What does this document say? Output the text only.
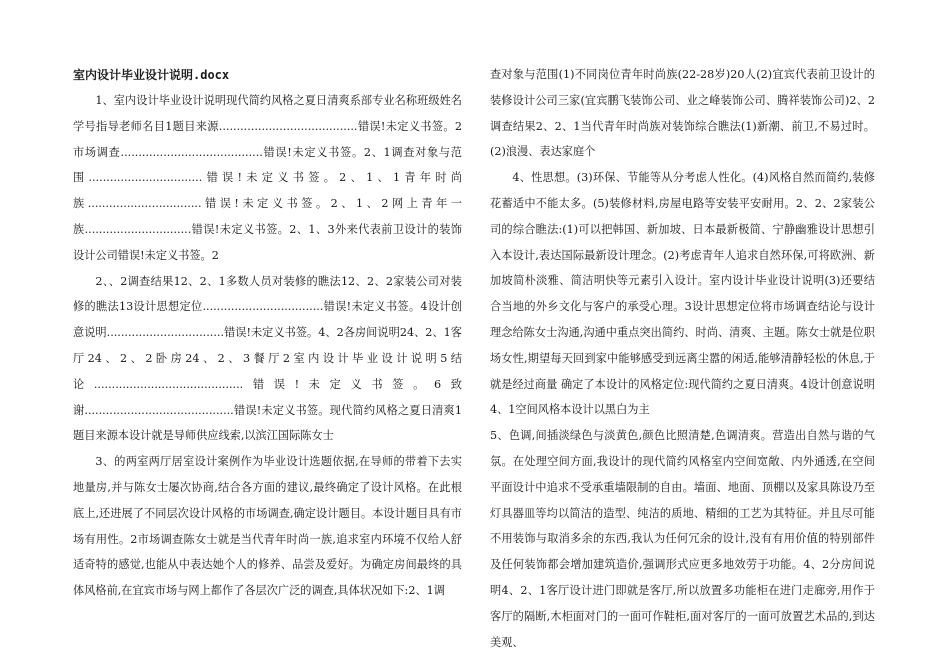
室内设计毕业设计说明.docx

1、室内设计毕业设计说明现代简约风格之夏日清爽系部专业名称班级姓名学号指导老师名目1题目来源.......................................错误!未定义书签。2市场调查........................................错误!未定义书签。2、1调查对象与范围................................错误!未定义书签。2、1、1青年时尚族................................错误!未定义书签。2、1、2网上青年一族..............................错误!未定义书签。2、1、3外来代表前卫设计的装饰设计公司错误!未定义书签。2

2、、2调查结果12、2、1多数人员对装修的瞧法12、2、2家装公司对装修的瞧法13设计思想定位..................................错误!未定义书签。4设计创意说明.................................错误!未定义书签。4、2各房间说明24、2、1客厅24、2、2卧房24、2、3餐厅2室内设计毕业设计说明5结论..........................................错误!未定义书签。6致谢..........................................错误!未定义书签。现代简约风格之夏日清爽1题目来源本设计就是导师供应线索,以滨江国际陈女士

3、的两室两厅居室设计案例作为毕业设计选题依据,在导师的带着下去实地量房,并与陈女士屡次协商,结合各方面的建议,最终确定了设计风格。在此根底上,还进展了不同层次设计风格的市场调查,确定设计题目。本设计题目具有市场有用性。2市场调查陈女士就是当代青年时尚一族,追求室内环境不仅给人舒适奇特的感觉,也能从中表达她个人的修养、品尝及爱好。为确定房间最终的具体风格前,在宜宾市场与网上都作了各层次广泛的调查,具体状况如下:2、1调

查对象与范围(1)不同岗位青年时尚族(22-28岁)20人(2)宜宾代表前卫设计的装修设计公司三家(宜宾鹏飞装饰公司、业之峰装饰公司、腾祥装饰公司)2、2调查结果2、2、1当代青年时尚族对装饰综合瞧法(1)新潮、前卫,不易过时。(2)浪漫、表达家庭个

4、性思想。(3)环保、节能等从分考虑人性化。(4)风格自然而简约,装修花蓄适中不能太多。(5)装修材料,房屋电路等安装平安耐用。2、2、2家装公司的综合瞧法:(1)可以把韩国、新加坡、日本最新极简、宁静幽雅设计思想引入本设计,表达国际最新设计理念。(2)考虑青年人追求自然环保,可将欧洲、新加坡简朴淡雅、简洁明快等元素引入设计。室内设计毕业设计说明(3)还要结合当地的外乡文化与客户的承受心理。3设计思想定位将市场调查结论与设计理念给陈女士沟通,沟通中重点突出简约、时尚、清爽、主题。陈女士就是位职场女性,期望每天回到家中能够感受到远离尘嚣的闲适,能够清静轻松的休息,于就是经过商量 确定了本设计的风格定位:现代简约之夏日清爽。4设计创意说明4、1空间风格本设计以黑白为主

5、色调,间插淡绿色与淡黄色,颜色比照清楚,色调清爽。营造出自然与谐的气氛。在处理空间方面,我设计的现代简约风格室内空间宽敞、内外通透,在空间平面设计中追求不受承重墙限制的自由。墙面、地面、顶棚以及家具陈设乃至灯具器皿等均以简洁的造型、纯洁的质地、精细的工艺为其特征。并且尽可能不用装饰与取消多余的东西,我认为任何冗余的设计,没有有用价值的特别部件及任何装饰都会增加建筑造价,强调形式应更多地效劳于功能。4、2分房间说明4、2、1客厅设计进门即就是客厅,所以放置多功能柜在进门走廊旁,用作于客厅的隔断,木柜面对门的一面可作鞋柜,面对客厅的一面可放置艺术品的,到达美观、
